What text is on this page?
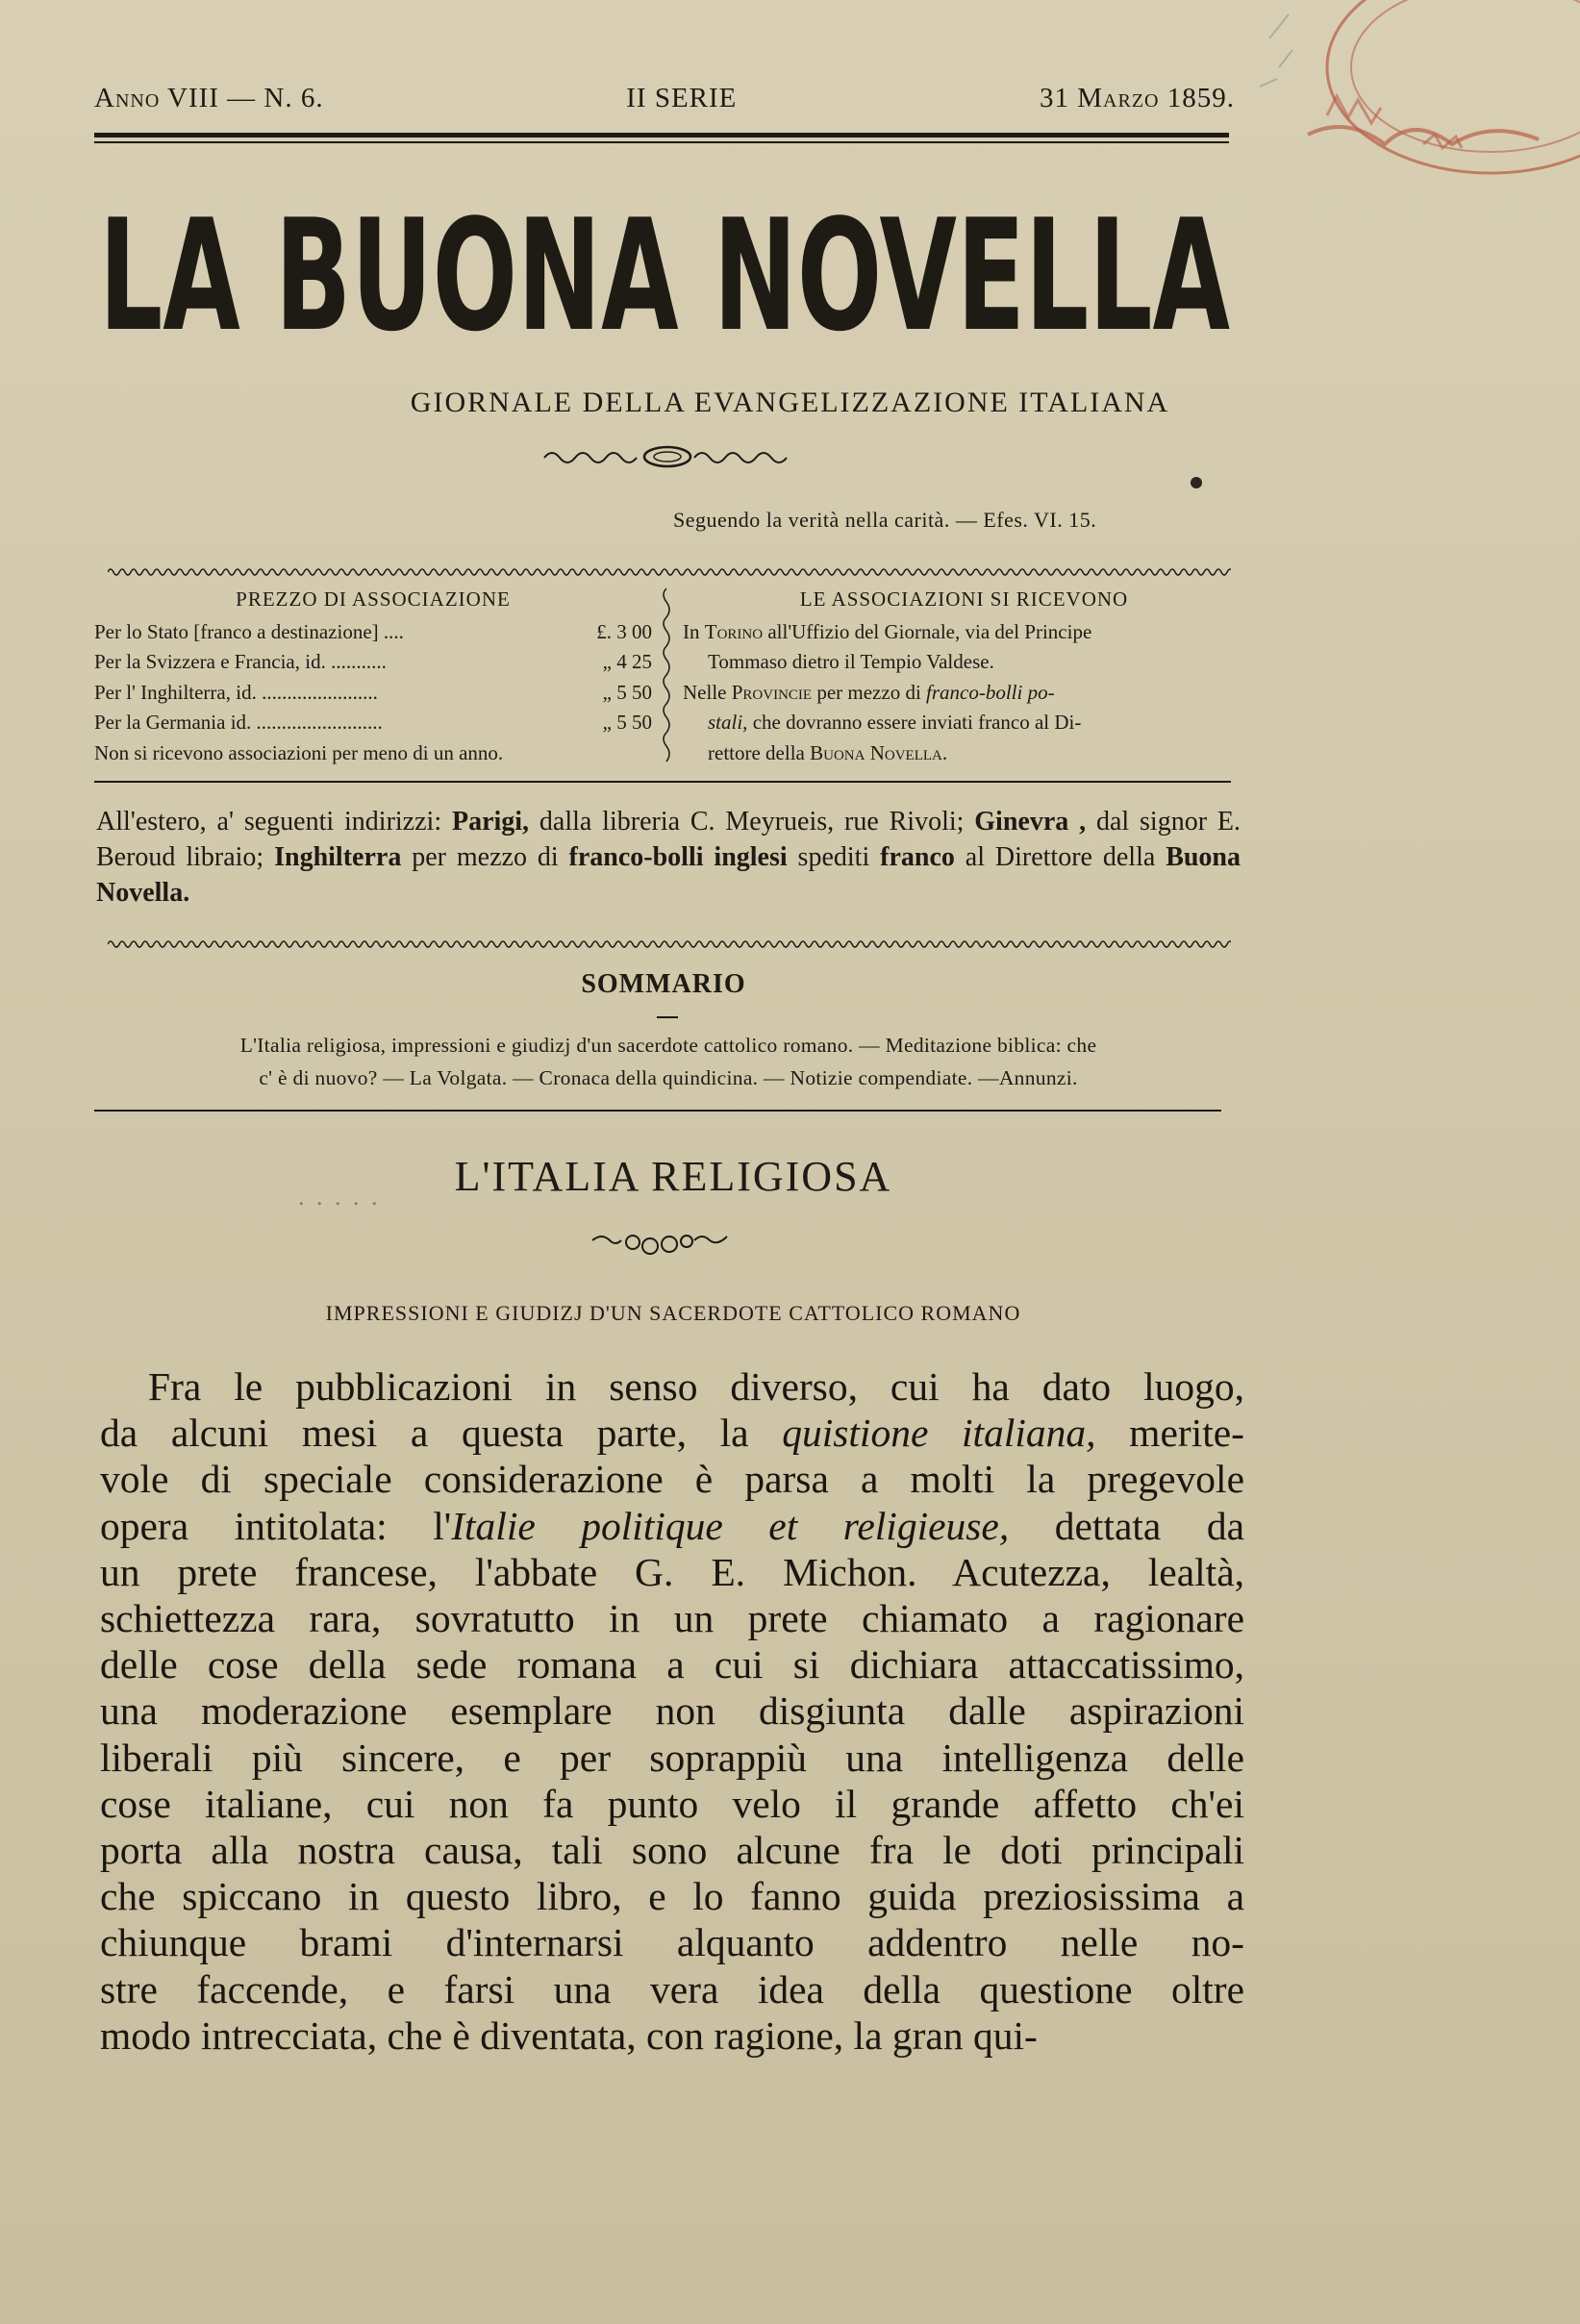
Anno VIII — N. 6.	II SERIE	31 Marzo 1859.
LA BUONA NOVELLA
GIORNALE DELLA EVANGELIZZAZIONE ITALIANA
Seguendo la verità nella carità. — Efes. VI. 15.
PREZZO DI ASSOCIAZIONE
Per lo Stato [franco a destinazione] ....	£. 3 00
Per la Svizzera e Francia, id. ...........	„ 4 25
Per l' Inghilterra, id. .......................	„ 5 50
Per la Germania id. .........................	„ 5 50
Non si ricevono associazioni per meno di un anno.
LE ASSOCIAZIONI SI RICEVONO
In Torino all'Uffizio del Giornale, via del Principe
Tommaso dietro il Tempio Valdese.
Nelle Provincie per mezzo di franco-bolli po-
stali, che dovranno essere inviati franco al Di-
rettore della Buona Novella.
All'estero, a' seguenti indirizzi: Parigi, dalla libreria C. Meyrueis, rue Rivoli; Ginevra , dal signor E. Beroud libraio; Inghilterra per mezzo di franco-bolli inglesi spediti franco al Direttore della Buona Novella.
SOMMARIO
L'Italia religiosa, impressioni e giudizj d'un sacerdote cattolico romano. — Meditazione biblica: che
c' è di nuovo? — La Volgata. — Cronaca della quindicina. — Notizie compendiate. —Annunzi.
. . . . .	L'ITALIA RELIGIOSA
IMPRESSIONI E GIUDIZJ D'UN SACERDOTE CATTOLICO ROMANO
Fra le pubblicazioni in senso diverso, cui ha dato luogo,
da alcuni mesi a questa parte, la quistione italiana, merite-
vole di speciale considerazione è parsa a molti la pregevole
opera intitolata: l'Italie politique et religieuse, dettata da
un prete francese, l'abbate G. E. Michon. Acutezza, lealtà,
schiettezza rara, sovratutto in un prete chiamato a ragionare
delle cose della sede romana a cui si dichiara attaccatissimo,
una moderazione esemplare non disgiunta dalle aspirazioni
liberali più sincere, e per soprappiù una intelligenza delle
cose italiane, cui non fa punto velo il grande affetto ch'ei
porta alla nostra causa, tali sono alcune fra le doti principali
che spiccano in questo libro, e lo fanno guida preziosissima a
chiunque brami d'internarsi alquanto addentro nelle no-
stre faccende, e farsi una vera idea della questione oltre
modo intrecciata, che è diventata, con ragione, la gran qui-
